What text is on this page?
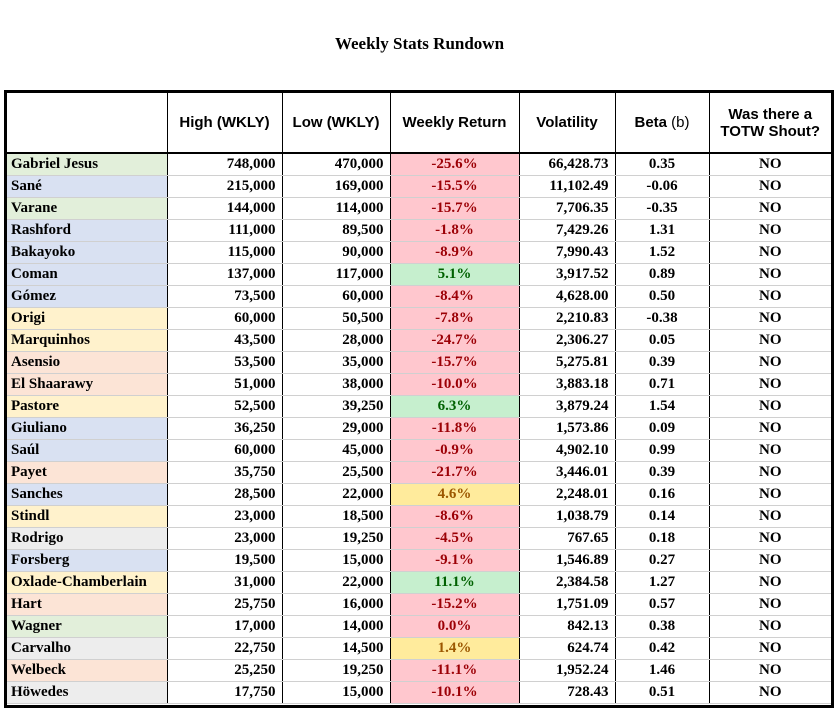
Weekly Stats Rundown
	High (WKLY)	Low (WKLY)	Weekly Return	Volatility	Beta (b)	Was there a
TOTW Shout?

Gabriel Jesus	748,000	470,000	-25.6%	66,428.73	0.35	NO
Sané	215,000	169,000	-15.5%	11,102.49	-0.06	NO
Varane	144,000	114,000	-15.7%	7,706.35	-0.35	NO
Rashford	111,000	89,500	-1.8%	7,429.26	1.31	NO
Bakayoko	115,000	90,000	-8.9%	7,990.43	1.52	NO
Coman	137,000	117,000	5.1%	3,917.52	0.89	NO
Gómez	73,500	60,000	-8.4%	4,628.00	0.50	NO
Origi	60,000	50,500	-7.8%	2,210.83	-0.38	NO
Marquinhos	43,500	28,000	-24.7%	2,306.27	0.05	NO
Asensio	53,500	35,000	-15.7%	5,275.81	0.39	NO
El Shaarawy	51,000	38,000	-10.0%	3,883.18	0.71	NO
Pastore	52,500	39,250	6.3%	3,879.24	1.54	NO
Giuliano	36,250	29,000	-11.8%	1,573.86	0.09	NO
Saúl	60,000	45,000	-0.9%	4,902.10	0.99	NO
Payet	35,750	25,500	-21.7%	3,446.01	0.39	NO
Sanches	28,500	22,000	4.6%	2,248.01	0.16	NO
Stindl	23,000	18,500	-8.6%	1,038.79	0.14	NO
Rodrigo	23,000	19,250	-4.5%	767.65	0.18	NO
Forsberg	19,500	15,000	-9.1%	1,546.89	0.27	NO
Oxlade-Chamberlain	31,000	22,000	11.1%	2,384.58	1.27	NO
Hart	25,750	16,000	-15.2%	1,751.09	0.57	NO
Wagner	17,000	14,000	0.0%	842.13	0.38	NO
Carvalho	22,750	14,500	1.4%	624.74	0.42	NO
Welbeck	25,250	19,250	-11.1%	1,952.24	1.46	NO
Höwedes	17,750	15,000	-10.1%	728.43	0.51	NO
